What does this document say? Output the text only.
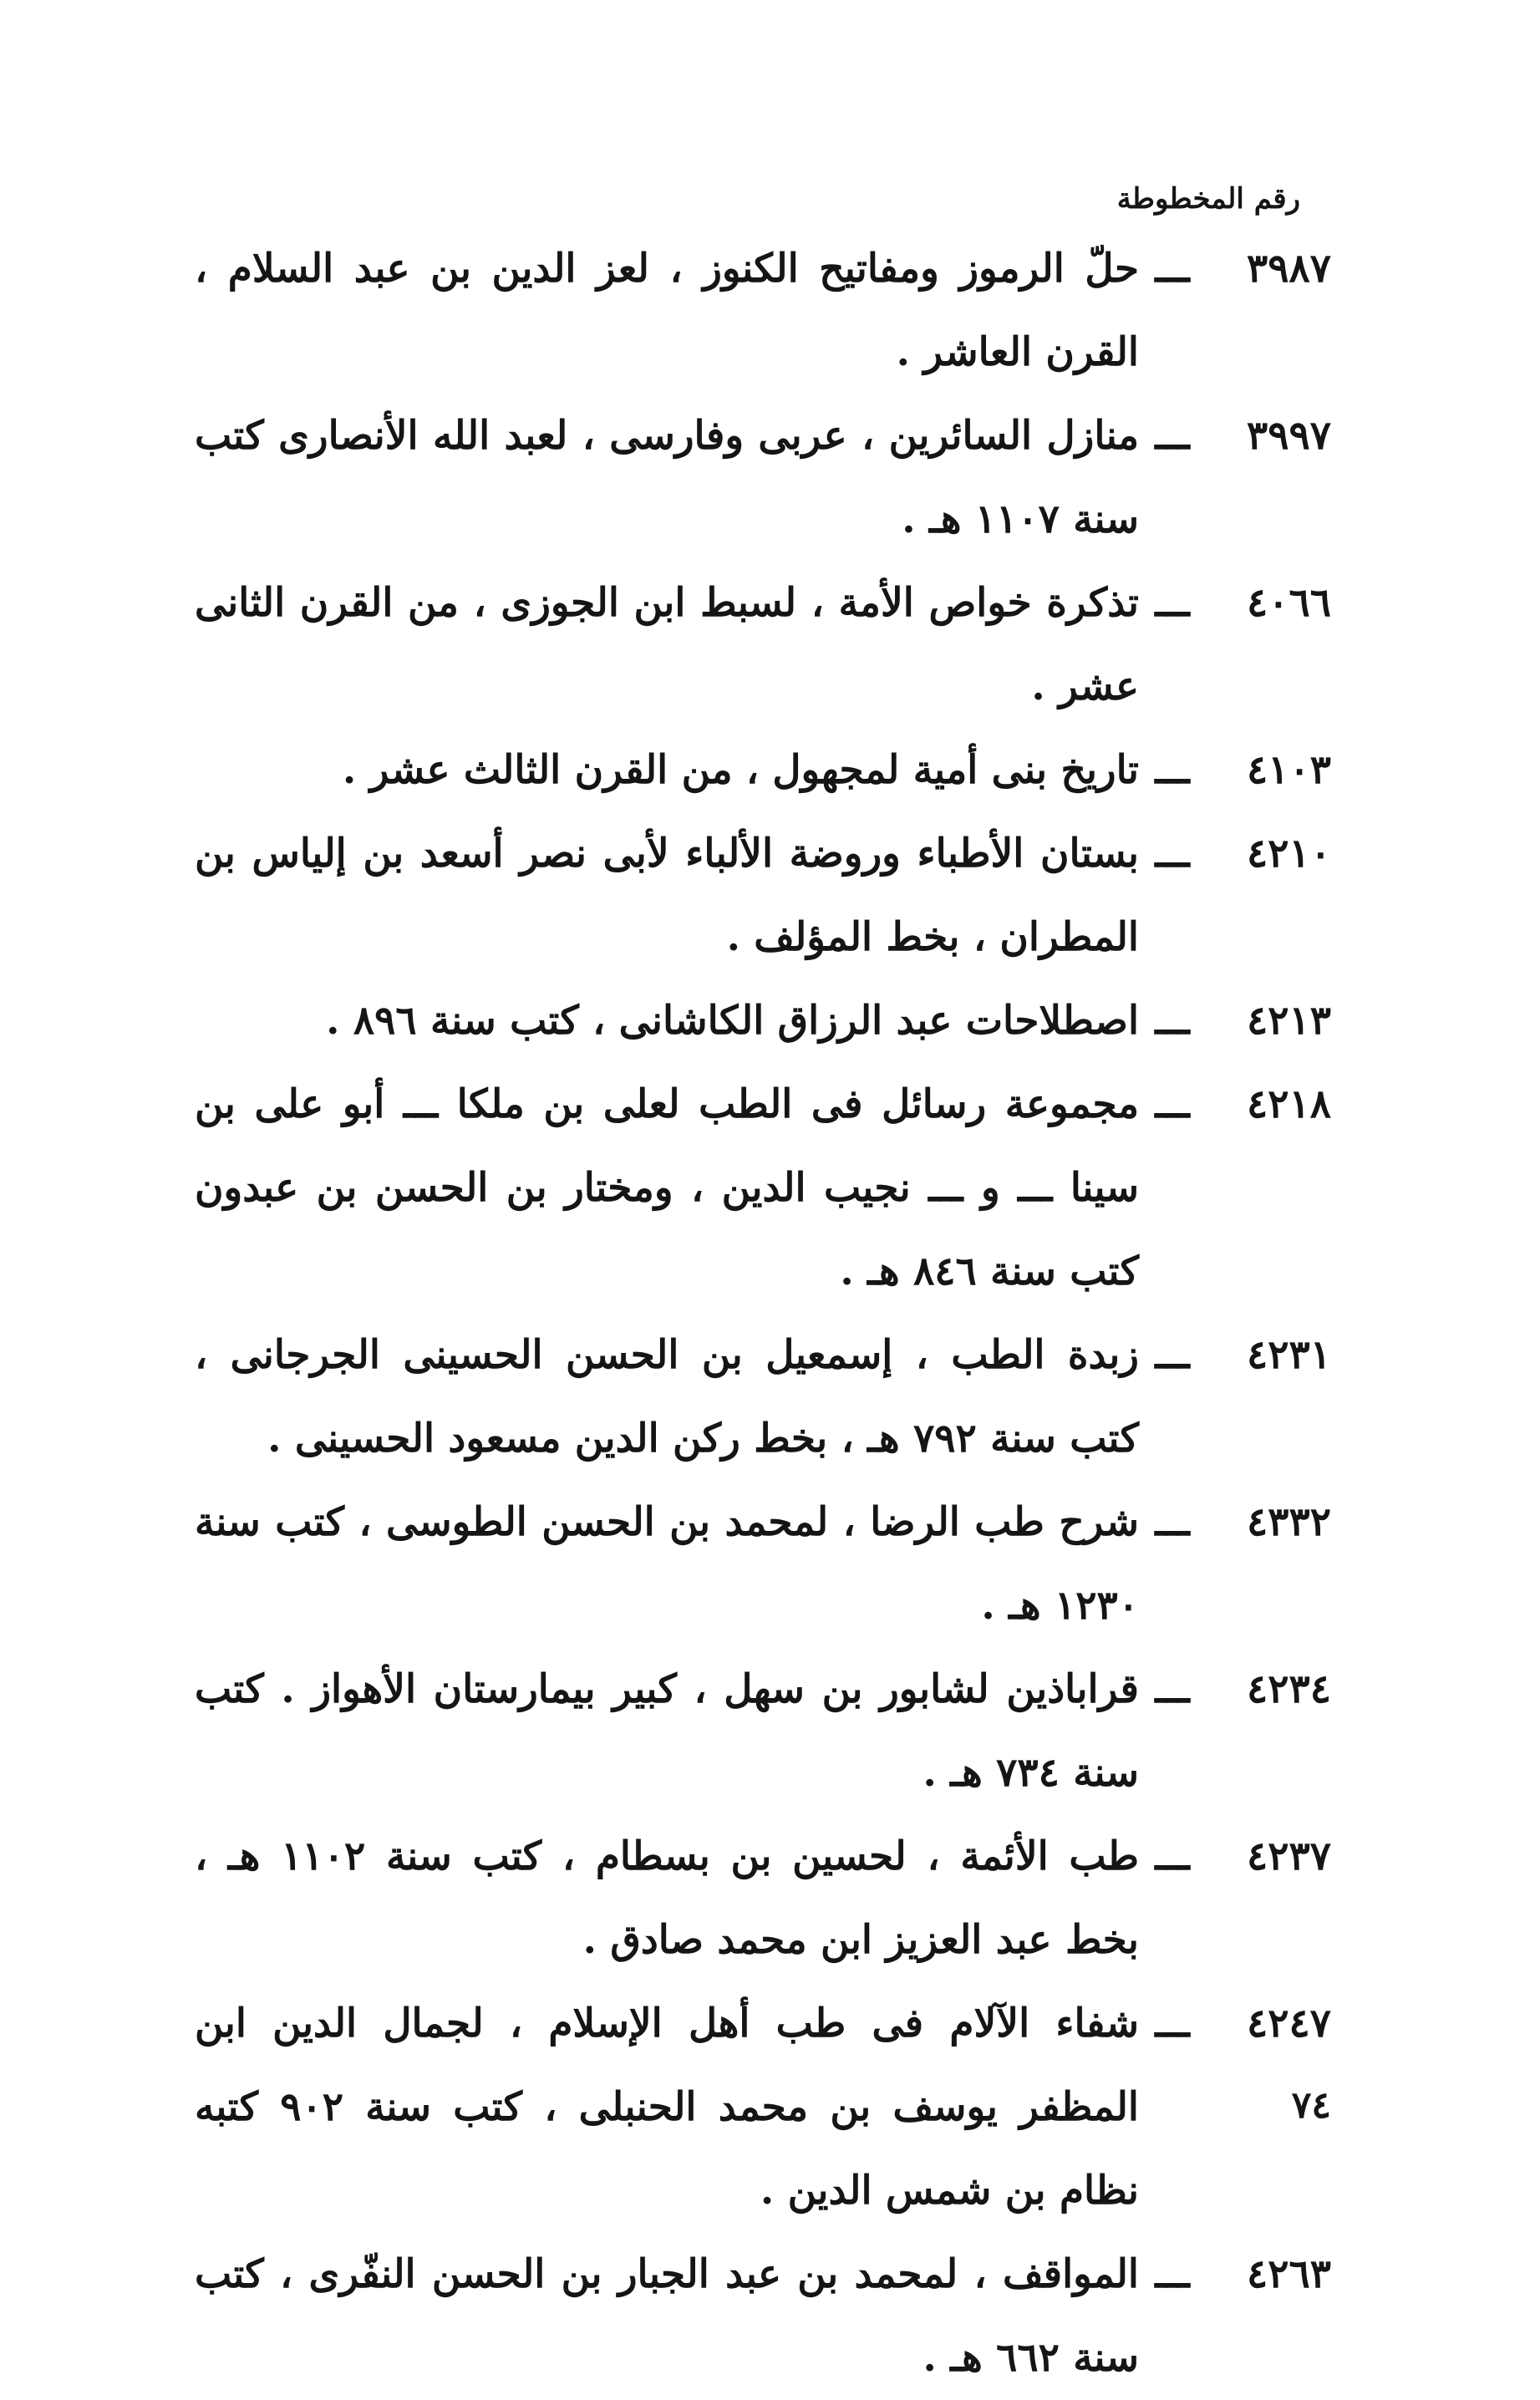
رقم المخطوطة
٣٩٨٧
ـــ
حلّ الرموز ومفاتيح الكنوز ، لعز الدين بن عبد السلام ، القرن العاشر .
٣٩٩٧
ـــ
منازل السائرين ، عربى وفارسى ، لعبد الله الأنصارى كتب سنة ١١٠٧ هـ .
٤٠٦٦
ـــ
تذكرة خواص الأمة ، لسبط ابن الجوزى ، من القرن الثانى عشر .
٤١٠٣
ـــ
تاريخ بنى أمية لمجهول ، من القرن الثالث عشر .
٤٢١٠
ـــ
بستان الأطباء وروضة الألباء لأبى نصر أسعد بن إلياس بن المطران ، بخط المؤلف .
٤٢١٣
ـــ
اصطلاحات عبد الرزاق الكاشانى ، كتب سنة ٨٩٦ .
٤٢١٨
ـــ
مجموعة رسائل فى الطب لعلى بن ملكا ـــ أبو على بن سينا ـــ و ـــ نجيب الدين ، ومختار بن الحسن بن عبدون كتب سنة ٨٤٦ هـ .
٤٢٣١
ـــ
زبدة الطب ، إسمعيل بن الحسن الحسينى الجرجانى ، كتب سنة ٧٩٢ هـ ، بخط ركن الدين مسعود الحسينى .
٤٣٣٢
ـــ
شرح طب الرضا ، لمحمد بن الحسن الطوسى ، كتب سنة ١٢٣٠ هـ .
٤٢٣٤
ـــ
قراباذين لشابور بن سهل ، كبير بيمارستان الأهواز . كتب سنة ٧٣٤ هـ .
٤٢٣٧
ـــ
طب الأئمة ، لحسين بن بسطام ، كتب سنة ١١٠٢ هـ ، بخط عبد العزيز ابن محمد صادق .
٤٢٤٧
ـــ
شفاء الآلام فى طب أهل الإسلام ، لجمال الدين ابن المظفر يوسف بن محمد الحنبلى ، كتب سنة ٩٠٢ كتبه نظام بن شمس الدين .
٤٢٦٣
ـــ
المواقف ، لمحمد بن عبد الجبار بن الحسن النفّرى ، كتب سنة ٦٦٢ هـ .
٧٤
